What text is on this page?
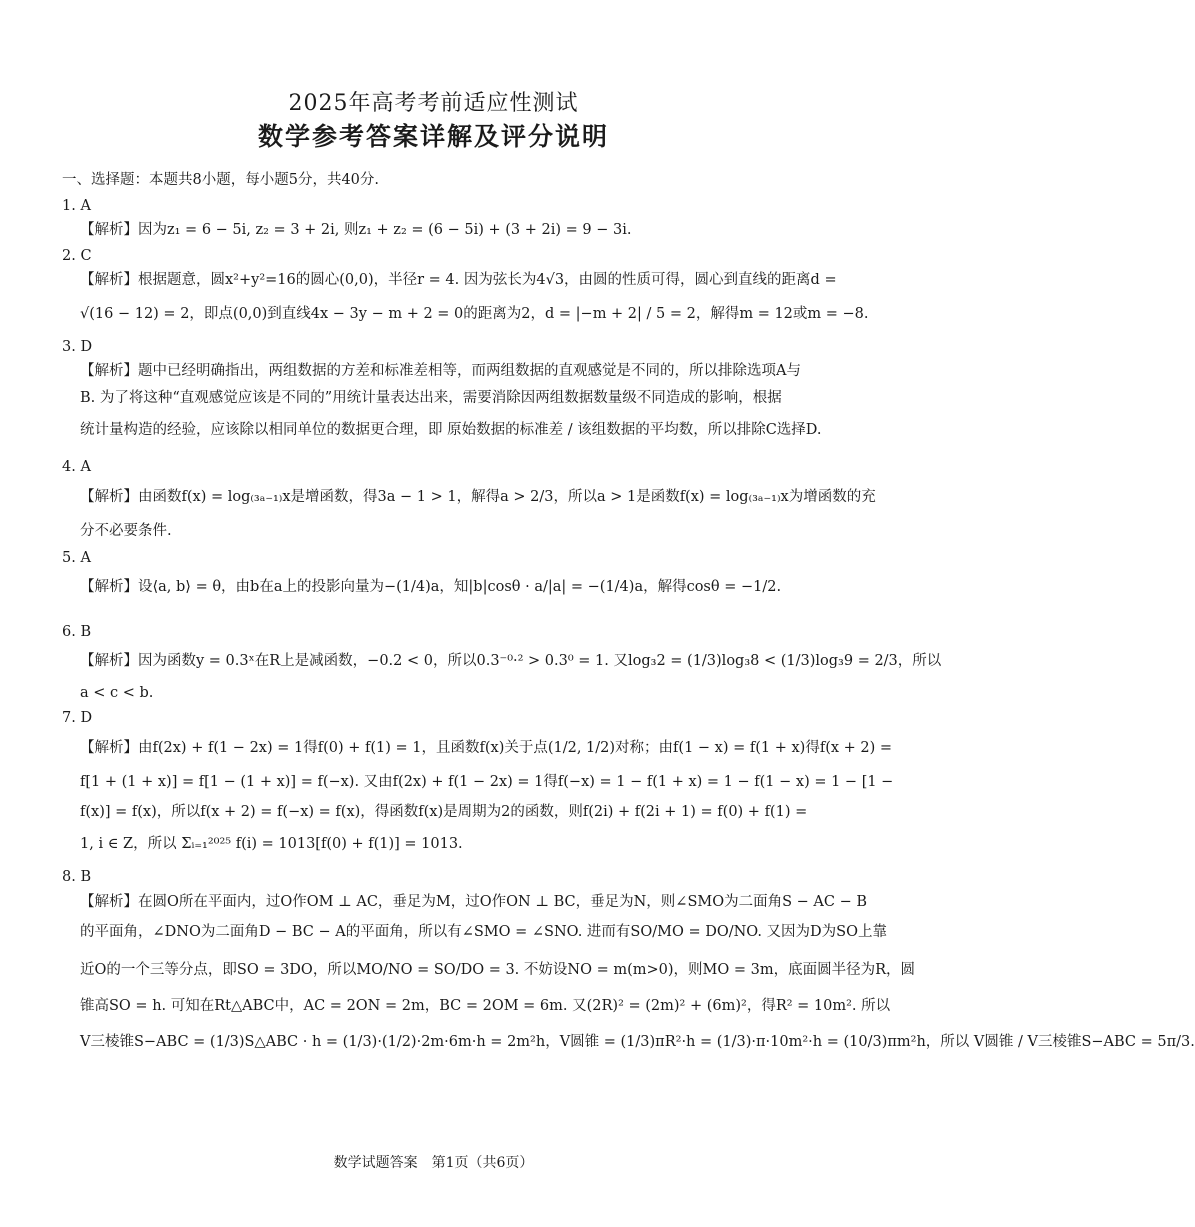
2025年高考考前适应性测试
数学参考答案详解及评分说明
一、选择题：本题共8小题，每小题5分，共40分.
1. A
【解析】因为z₁ = 6 − 5i, z₂ = 3 + 2i, 则z₁ + z₂ = (6 − 5i) + (3 + 2i) = 9 − 3i.
2. C
【解析】根据题意，圆x²+y²=16的圆心(0,0)，半径r = 4. 因为弦长为4√3，由圆的性质可得，圆心到直线的距离d =
√(16 − 12) = 2，即点(0,0)到直线4x − 3y − m + 2 = 0的距离为2，d = |−m + 2| / 5 = 2，解得m = 12或m = −8.
3. D
【解析】题中已经明确指出，两组数据的方差和标准差相等，而两组数据的直观感觉是不同的，所以排除选项A与
B. 为了将这种“直观感觉应该是不同的”用统计量表达出来，需要消除因两组数据数量级不同造成的影响，根据
统计量构造的经验，应该除以相同单位的数据更合理，即 原始数据的标准差 / 该组数据的平均数，所以排除C选择D.
4. A
【解析】由函数f(x) = log₍₃ₐ₋₁₎x是增函数，得3a − 1 > 1，解得a > 2/3，所以a > 1是函数f(x) = log₍₃ₐ₋₁₎x为增函数的充
分不必要条件.
5. A
【解析】设⟨a, b⟩ = θ，由b在a上的投影向量为−(1/4)a，知|b|cosθ · a/|a| = −(1/4)a，解得cosθ = −1/2.
6. B
【解析】因为函数y = 0.3ˣ在R上是减函数，−0.2 < 0，所以0.3⁻⁰·² > 0.3⁰ = 1. 又log₃2 = (1/3)log₃8 < (1/3)log₃9 = 2/3，所以
a < c < b.
7. D
【解析】由f(2x) + f(1 − 2x) = 1得f(0) + f(1) = 1，且函数f(x)关于点(1/2, 1/2)对称；由f(1 − x) = f(1 + x)得f(x + 2) =
f[1 + (1 + x)] = f[1 − (1 + x)] = f(−x). 又由f(2x) + f(1 − 2x) = 1得f(−x) = 1 − f(1 + x) = 1 − f(1 − x) = 1 − [1 −
f(x)] = f(x)，所以f(x + 2) = f(−x) = f(x)，得函数f(x)是周期为2的函数，则f(2i) + f(2i + 1) = f(0) + f(1) =
1, i ∈ Z，所以 Σᵢ₌₁²⁰²⁵ f(i) = 1013[f(0) + f(1)] = 1013.
8. B
【解析】在圆O所在平面内，过O作OM ⊥ AC，垂足为M，过O作ON ⊥ BC，垂足为N，则∠SMO为二面角S − AC − B
的平面角，∠DNO为二面角D − BC − A的平面角，所以有∠SMO = ∠SNO. 进而有SO/MO = DO/NO. 又因为D为SO上靠
近O的一个三等分点，即SO = 3DO，所以MO/NO = SO/DO = 3. 不妨设NO = m(m>0)，则MO = 3m，底面圆半径为R，圆
锥高SO = h. 可知在Rt△ABC中，AC = 2ON = 2m，BC = 2OM = 6m. 又(2R)² = (2m)² + (6m)²，得R² = 10m². 所以
V三棱锥S−ABC = (1/3)S△ABC · h = (1/3)·(1/2)·2m·6m·h = 2m²h，V圆锥 = (1/3)πR²·h = (1/3)·π·10m²·h = (10/3)πm²h，所以 V圆锥 / V三棱锥S−ABC = 5π/3.
数学试题答案　第1页（共6页）
